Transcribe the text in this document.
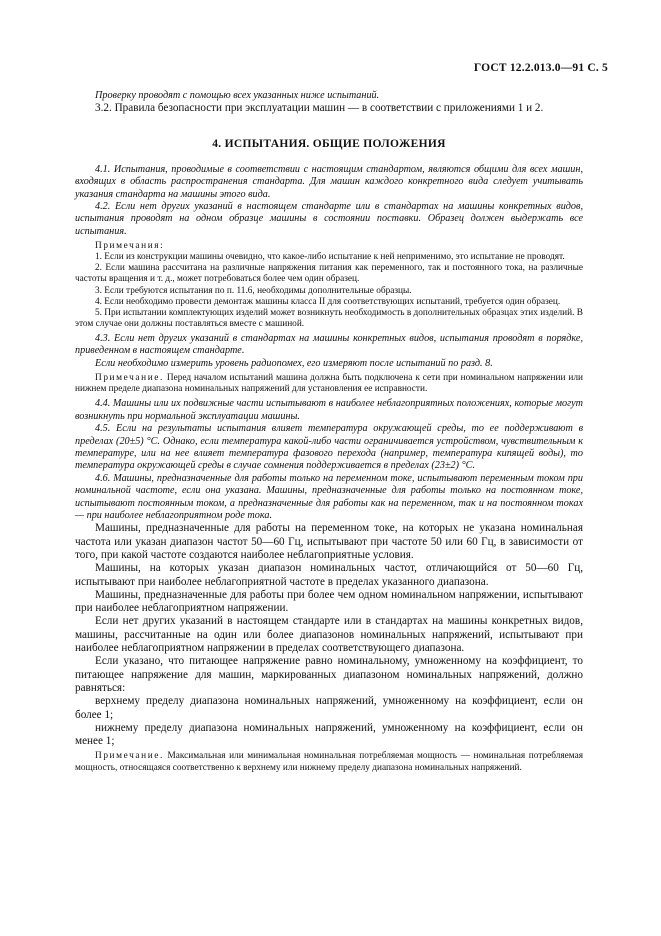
ГОСТ 12.2.013.0—91 С. 5

Проверку проводят с помощью всех указанных ниже испытаний.

3.2. Правила безопасности при эксплуатации машин — в соответствии с приложениями 1 и 2.

4. ИСПЫТАНИЯ. ОБЩИЕ ПОЛОЖЕНИЯ

4.1. Испытания, проводимые в соответствии с настоящим стандартом, являются общими для всех машин, входящих в область распространения стандарта. Для машин каждого конкретного вида следует учитывать указания стандарта на машины этого вида.

4.2. Если нет других указаний в настоящем стандарте или в стандартах на машины конкретных видов, испытания проводят на одном образце машины в состоянии поставки. Образец должен выдержать все испытания.

Примечания:

1. Если из конструкции машины очевидно, что какое-либо испытание к ней неприменимо, это испытание не проводят.

2. Если машина рассчитана на различные напряжения питания как переменного, так и постоянного тока, на различные частоты вращения и т. д., может потребоваться более чем один образец.

3. Если требуются испытания по п. 11.6, необходимы дополнительные образцы.

4. Если необходимо провести демонтаж машины класса II для соответствующих испытаний, требуется один образец.

5. При испытании комплектующих изделий может возникнуть необходимость в дополнительных образцах этих изделий. В этом случае они должны поставляться вместе с машиной.

4.3. Если нет других указаний в стандартах на машины конкретных видов, испытания проводят в порядке, приведенном в настоящем стандарте.

Если необходимо измерить уровень радиопомех, его измеряют после испытаний по разд. 8.

Примечание. Перед началом испытаний машина должна быть подключена к сети при номинальном напряжении или нижнем пределе диапазона номинальных напряжений для установления ее исправности.

4.4. Машины или их подвижные части испытывают в наиболее неблагоприятных положениях, которые могут возникнуть при нормальной эксплуатации машины.

4.5. Если на результаты испытания влияет температура окружающей среды, то ее поддерживают в пределах (20±5) °С. Однако, если температура какой-либо части ограничивается устройством, чувствительным к температуре, или на нее влияет температура фазового перехода (например, температура кипящей воды), то температура окружающей среды в случае сомнения поддерживается в пределах (23±2) °С.

4.6. Машины, предназначенные для работы только на переменном токе, испытывают переменным током при номинальной частоте, если она указана. Машины, предназначенные для работы только на постоянном токе, испытывают постоянным током, а предназначенные для работы как на переменном, так и на постоянном токах — при наиболее неблагоприятном роде тока.

Машины, предназначенные для работы на переменном токе, на которых не указана номинальная частота или указан диапазон частот 50—60 Гц, испытывают при частоте 50 или 60 Гц, в зависимости от того, при какой частоте создаются наиболее неблагоприятные условия.

Машины, на которых указан диапазон номинальных частот, отличающийся от 50—60 Гц, испытывают при наиболее неблагоприятной частоте в пределах указанного диапазона.

Машины, предназначенные для работы при более чем одном номинальном напряжении, испытывают при наиболее неблагоприятном напряжении.

Если нет других указаний в настоящем стандарте или в стандартах на машины конкретных видов, машины, рассчитанные на один или более диапазонов номинальных напряжений, испытывают при наиболее неблагоприятном напряжении в пределах соответствующего диапазона.

Если указано, что питающее напряжение равно номинальному, умноженному на коэффициент, то питающее напряжение для машин, маркированных диапазоном номинальных напряжений, должно равняться:

верхнему пределу диапазона номинальных напряжений, умноженному на коэффициент, если он более 1;

нижнему пределу диапазона номинальных напряжений, умноженному на коэффициент, если он менее 1;

Примечание. Максимальная или минимальная номинальная потребляемая мощность — номинальная потребляемая мощность, относящаяся соответственно к верхнему или нижнему пределу диапазона номинальных напряжений.
